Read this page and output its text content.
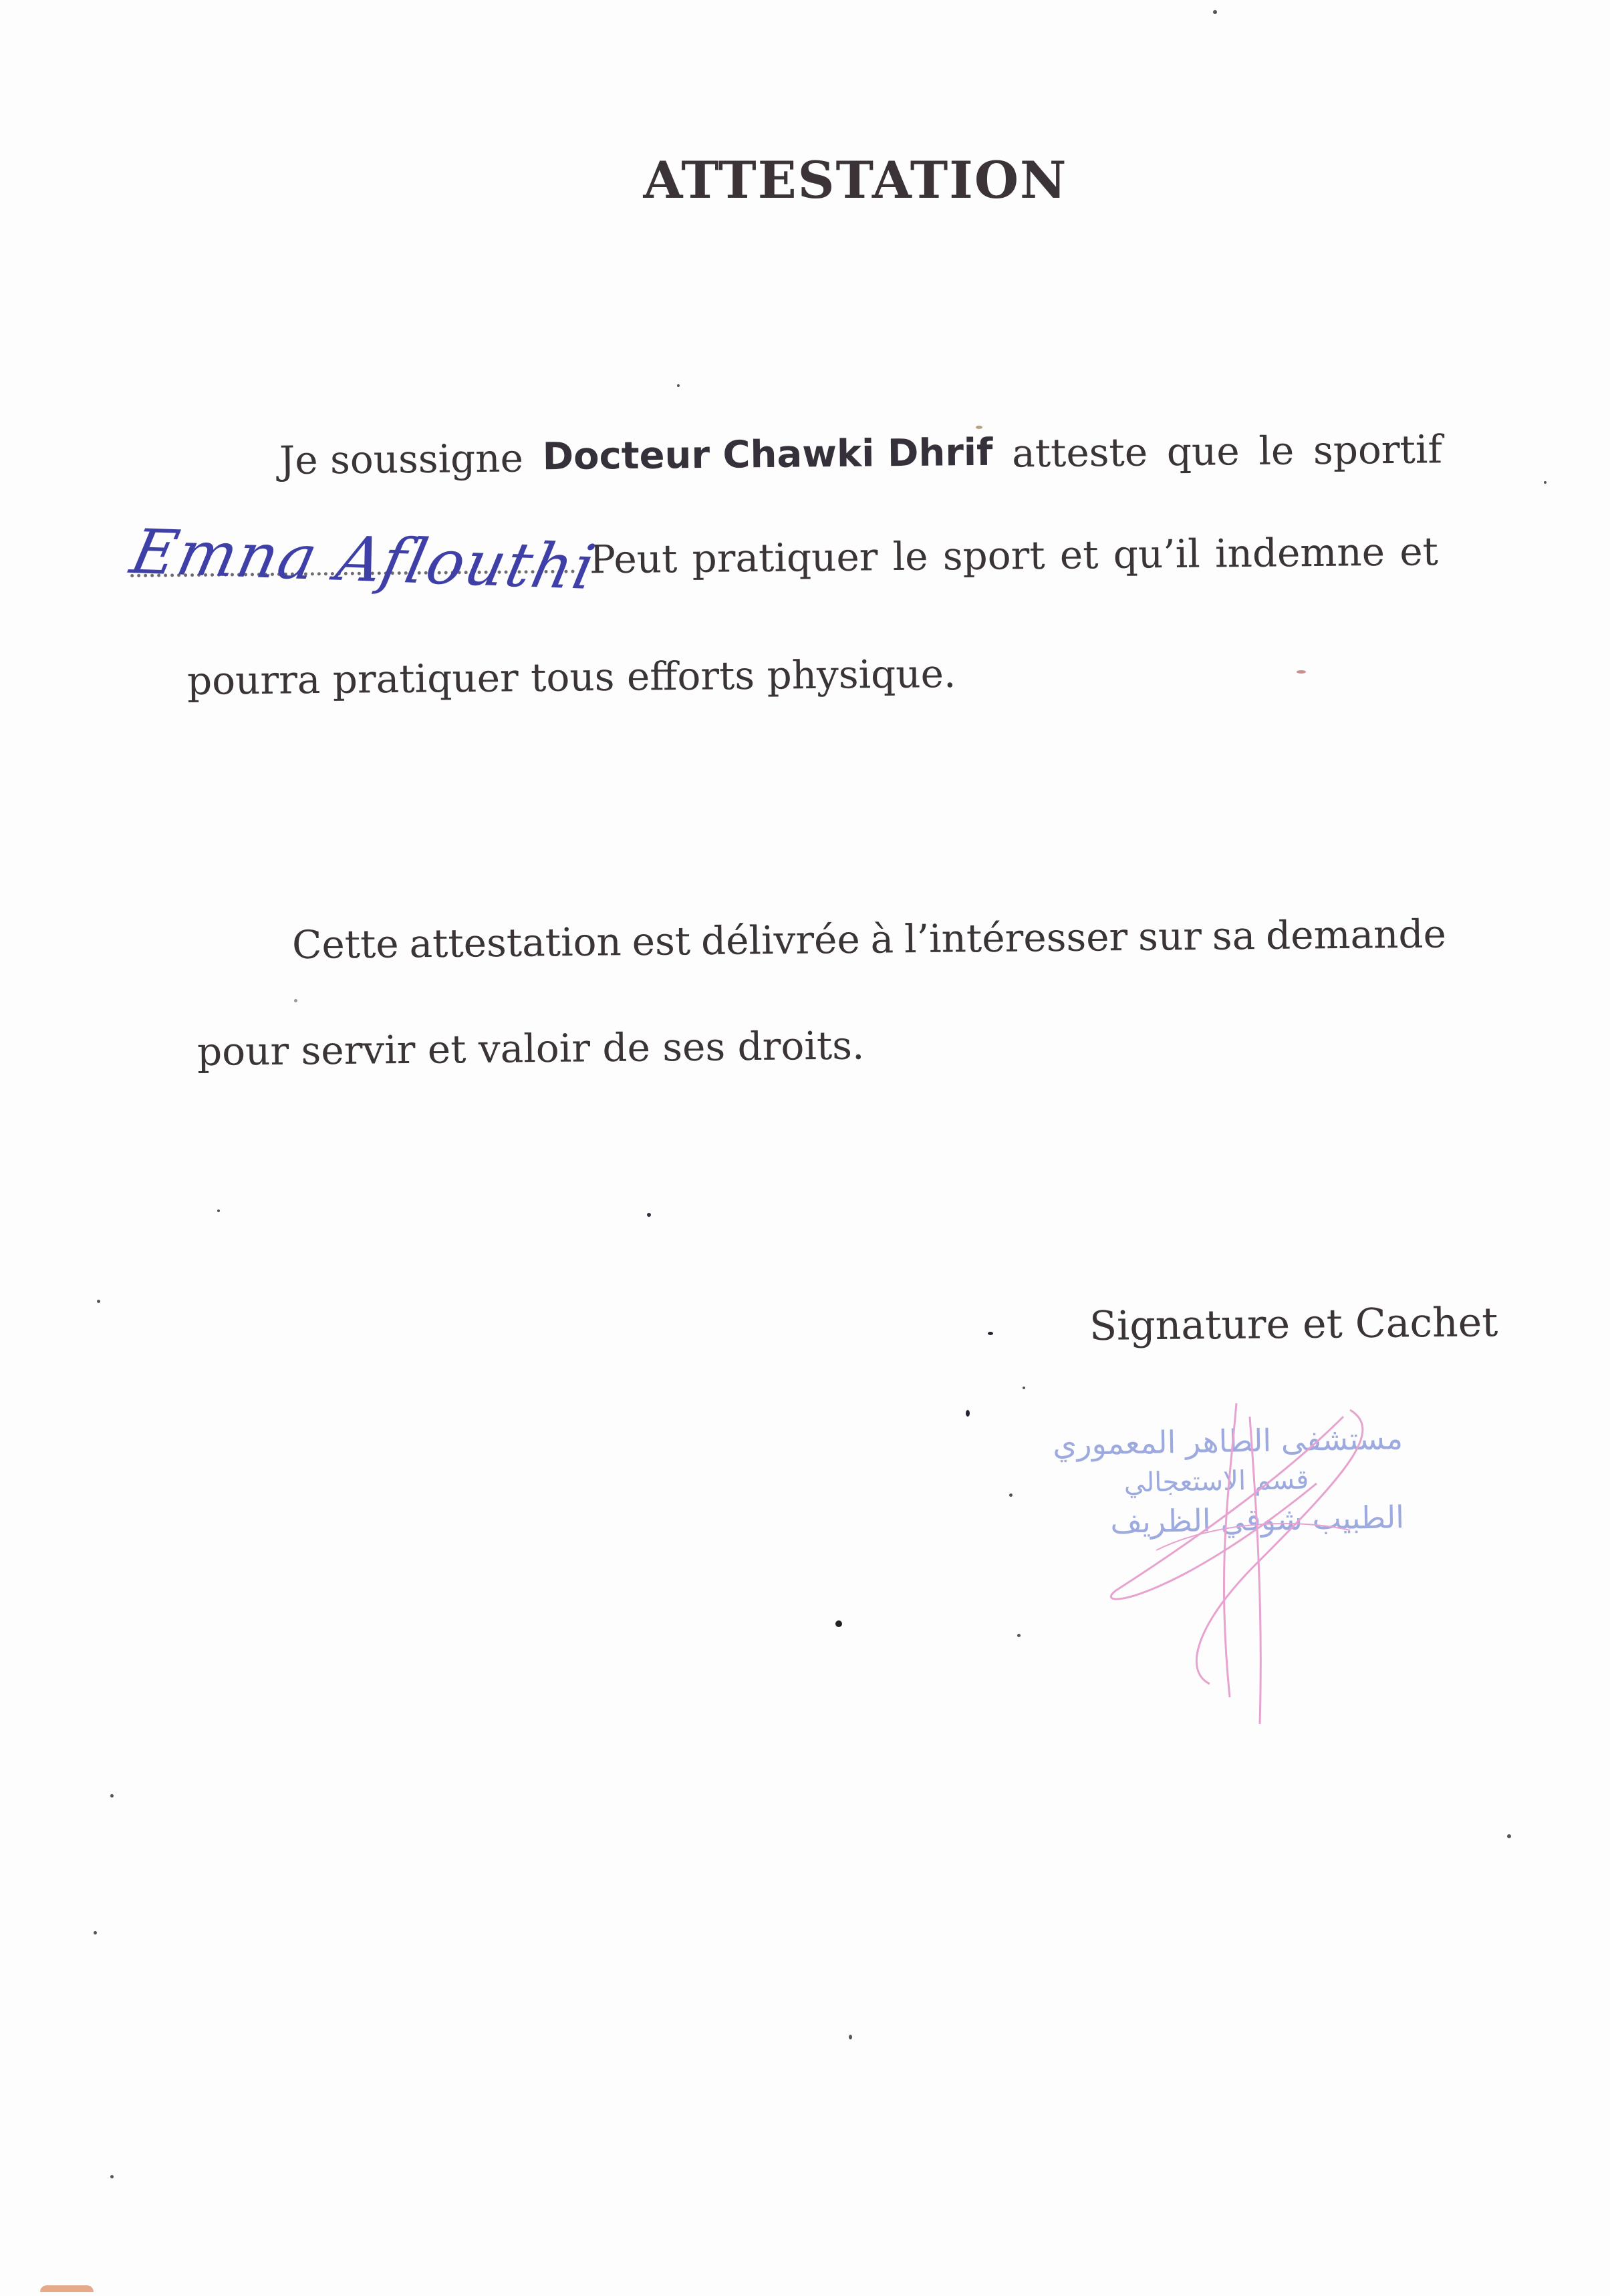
ATTESTATION
Je soussigne Docteur Chawki Dhrif atteste que le sportif
Peut pratiquer le sport et qu’il indemne et
Emna Aflouthi
pourra pratiquer tous efforts physique.
Cette attestation est délivrée à l’intéresser sur sa demande
pour servir et valoir de ses droits.
Signature et Cachet
مستشفى الطاهر المعموري
قسم الاستعجالي
الطبيب شوقي الظريف
